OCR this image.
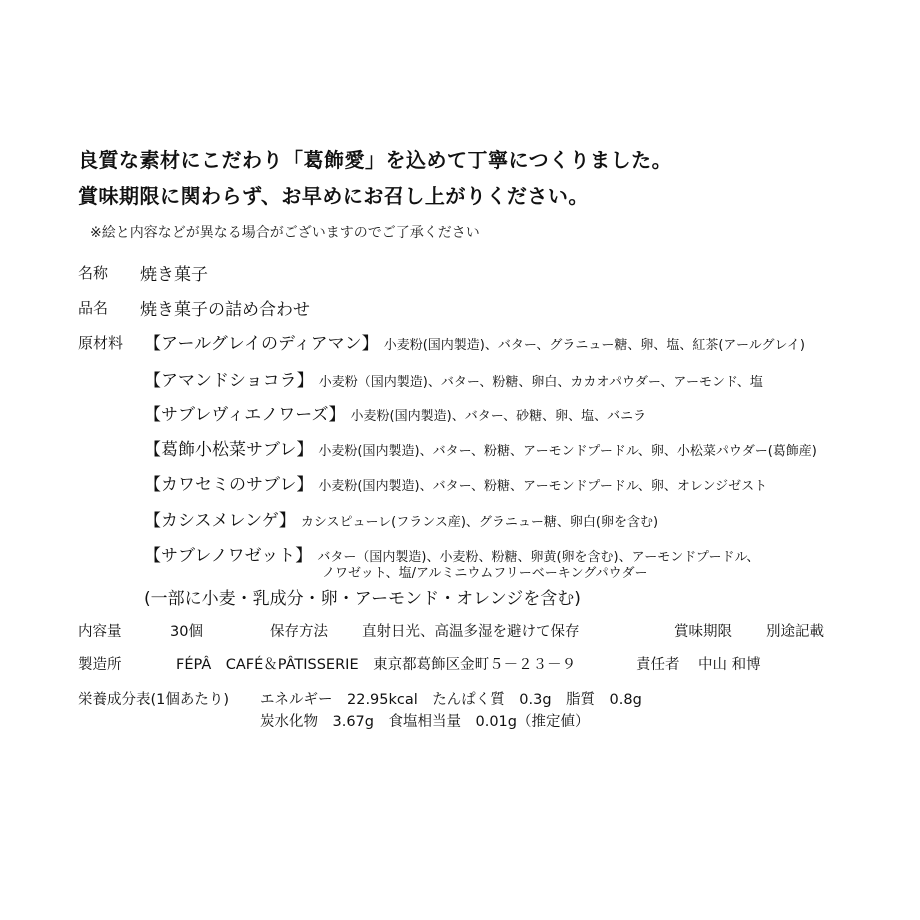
良質な素材にこだわり「葛飾愛」を込めて丁寧につくりました。
賞味期限に関わらず、お早めにお召し上がりください。
※絵と内容などが異なる場合がございますのでご了承ください
名称 焼き菓子
品名 焼き菓子の詰め合わせ
原材料 【アールグレイのディアマン】 小麦粉(国内製造)、バター、グラニュー糖、卵、塩、紅茶(アールグレイ)
【アマンドショコラ】 小麦粉（国内製造)、バター、粉糖、卵白、カカオパウダー、アーモンド、塩
【サブレヴィエノワーズ】 小麦粉(国内製造)、バター、砂糖、卵、塩、バニラ
【葛飾小松菜サブレ】 小麦粉(国内製造)、バター、粉糖、アーモンドプードル、卵、小松菜パウダー(葛飾産)
【カワセミのサブレ】 小麦粉(国内製造)、バター、粉糖、アーモンドプードル、卵、オレンジゼスト
【カシスメレンゲ】 カシスピューレ(フランス産)、グラニュー糖、卵白(卵を含む)
【サブレノワゼット】 バター（国内製造)、小麦粉、粉糖、卵黄(卵を含む)、アーモンドプードル、
ノワゼット、塩/アルミニウムフリーベーキングパウダー
(一部に小麦・乳成分・卵・アーモンド・オレンジを含む)
内容量	30個	保存方法 直射日光、高温多湿を避けて保存	賞味期限 別途記載
製造所	FÉPÂ　CAFÉ＆PÂTISSERIE　東京都葛飾区金町５－２３－９	責任者 中山 和博
栄養成分表(1個あたり) エネルギー　22.95kcal　たんぱく質　0.3g　脂質　0.8g
炭水化物　3.67g　食塩相当量　0.01g（推定値）
